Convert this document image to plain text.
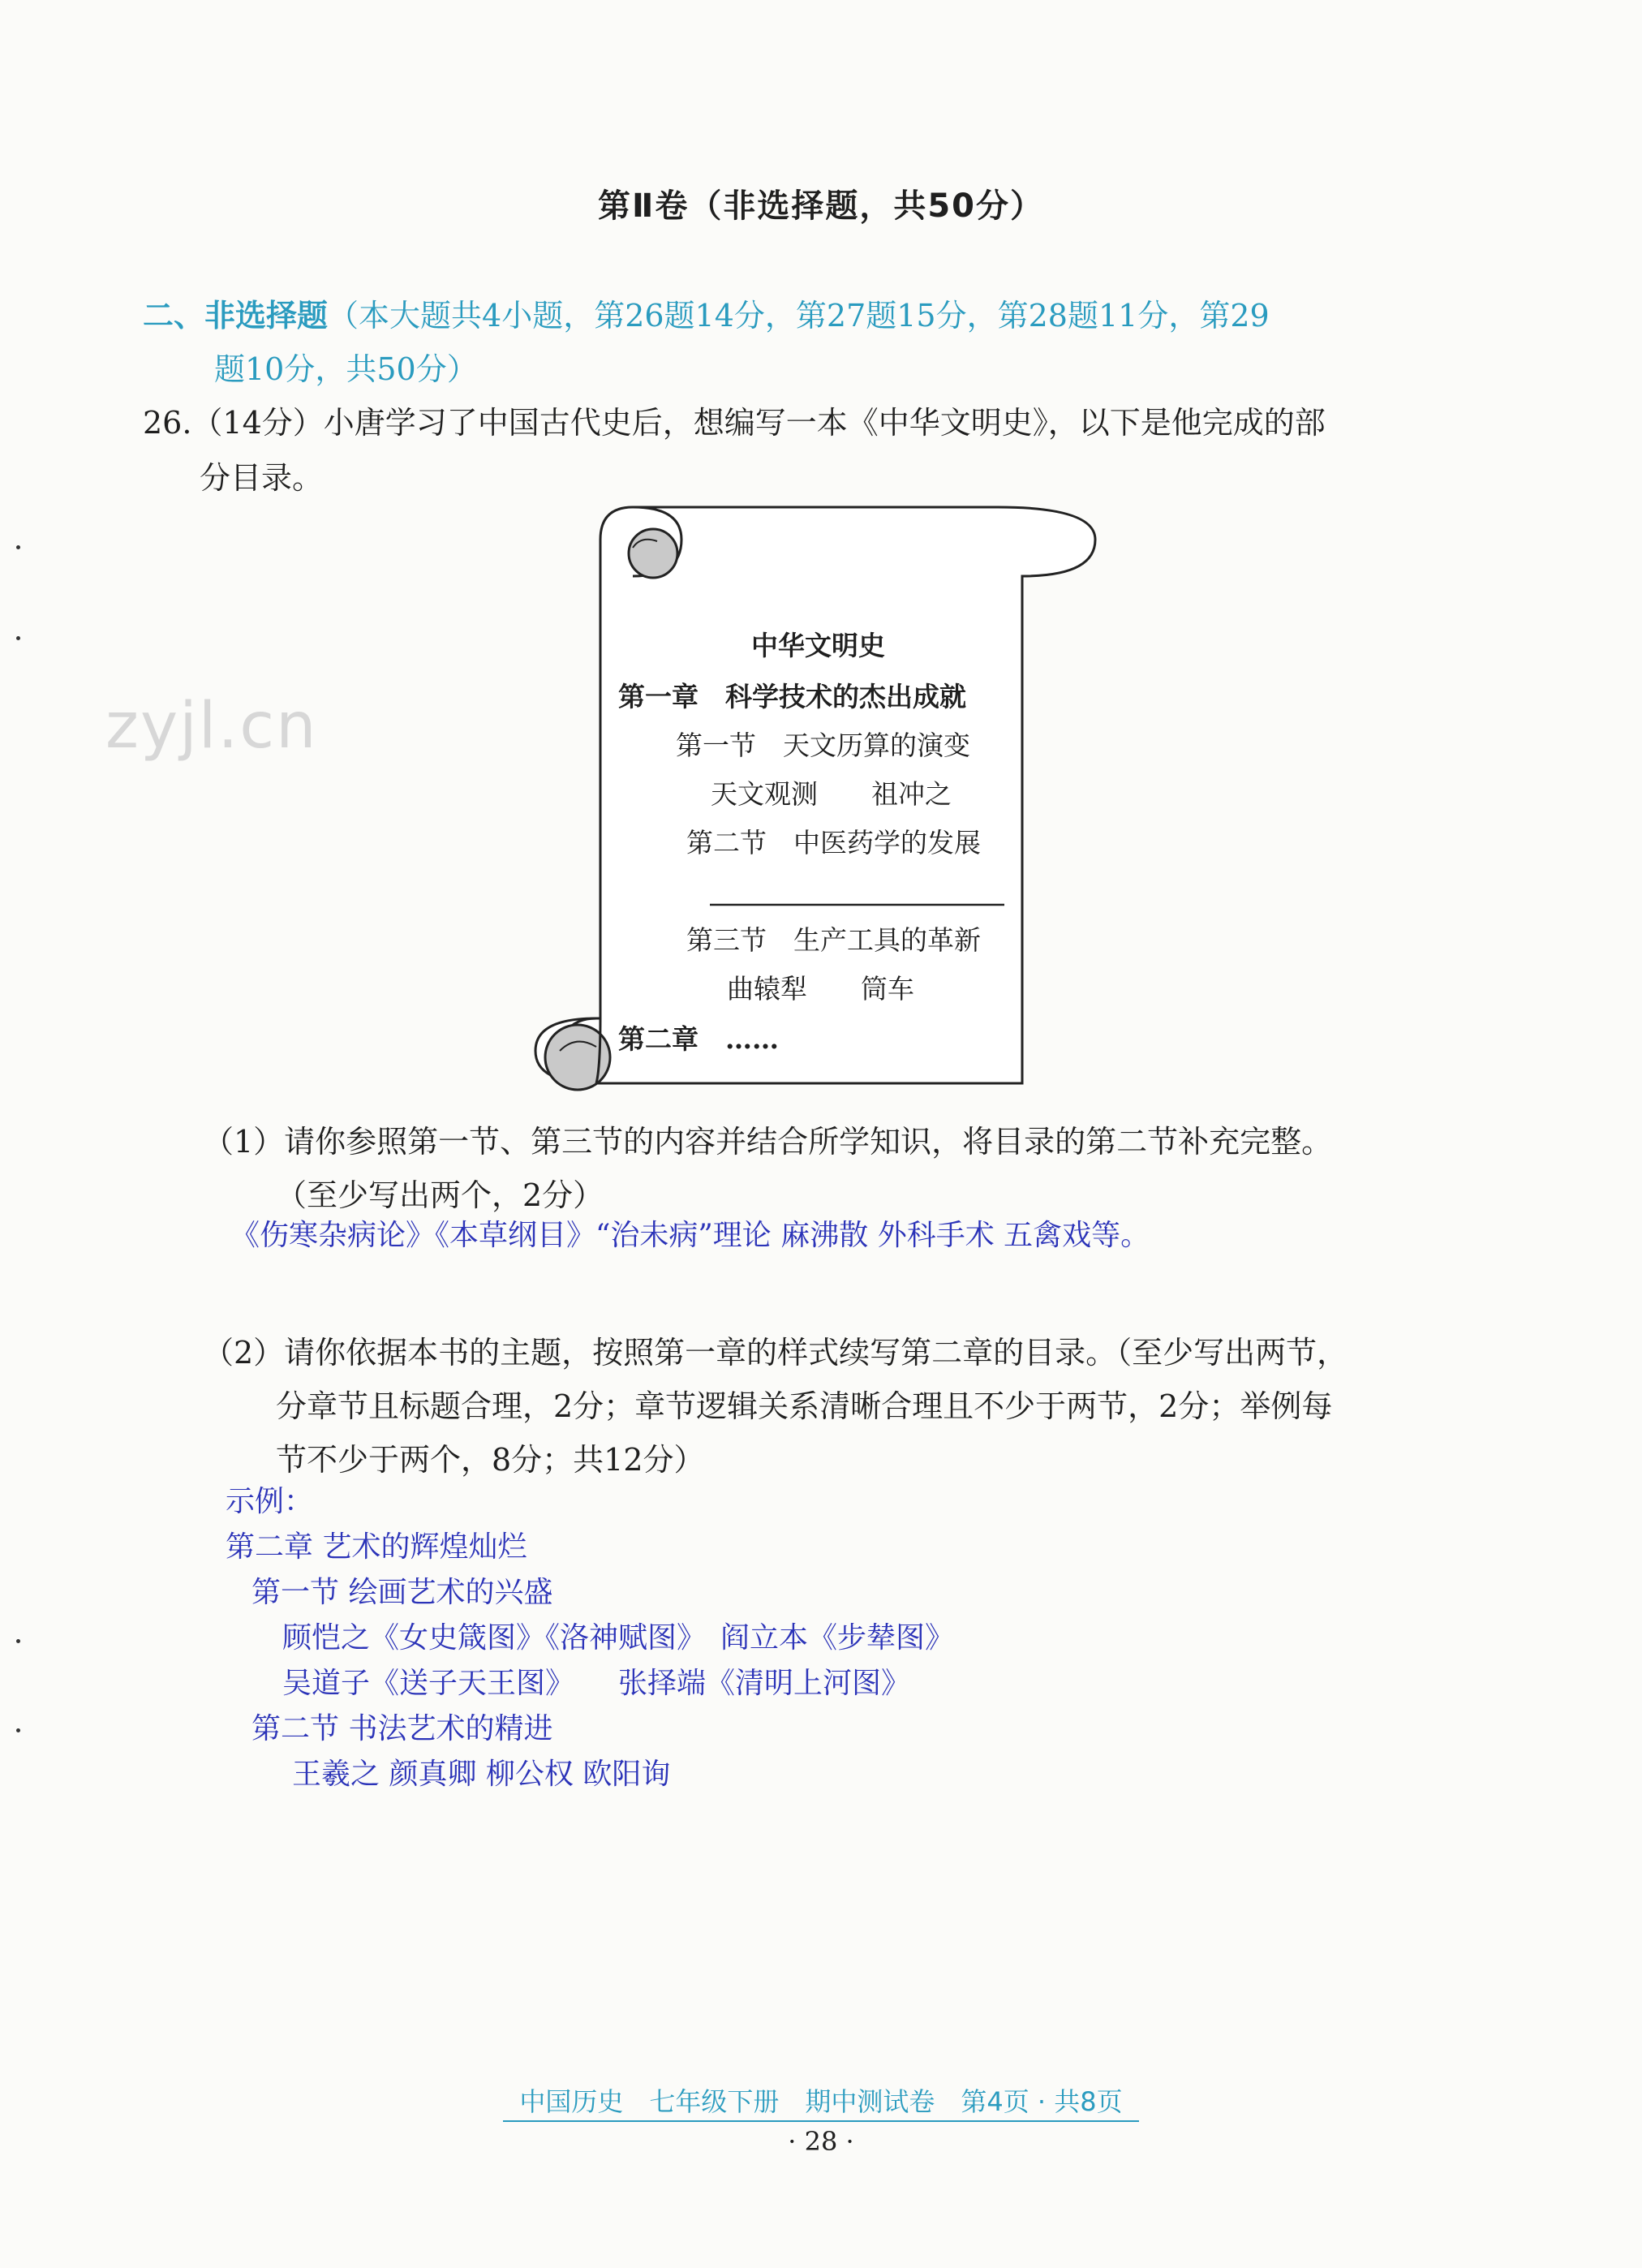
zyjl.cn
第Ⅱ卷（非选择题，共50分）
二、非选择题（本大题共4小题，第26题14分，第27题15分，第28题11分，第29
题10分，共50分）
26.（14分）小唐学习了中国古代史后，想编写一本《中华文明史》，以下是他完成的部
分目录。
中华文明史
第一章　科学技术的杰出成就
第一节　天文历算的演变
天文观测　　祖冲之
第二节　中医药学的发展
第三节　生产工具的革新
曲辕犁　　筒车
第二章　 ……
（1）请你参照第一节、第三节的内容并结合所学知识，将目录的第二节补充完整。
（至少写出两个，2分）
《伤寒杂病论》《本草纲目》“治未病”理论 麻沸散 外科手术 五禽戏等。
（2）请你依据本书的主题，按照第一章的样式续写第二章的目录。（至少写出两节，
分章节且标题合理，2分；章节逻辑关系清晰合理且不少于两节，2分；举例每
节不少于两个，8分；共12分）
示例：
第二章 艺术的辉煌灿烂
第一节 绘画艺术的兴盛
顾恺之《女史箴图》《洛神赋图》　阎立本《步辇图》
吴道子《送子天王图》　　张择端《清明上河图》
第二节 书法艺术的精进
王羲之 颜真卿 柳公权 欧阳询
中国历史　七年级下册　期中测试卷　第4页 · 共8页
· 28 ·
